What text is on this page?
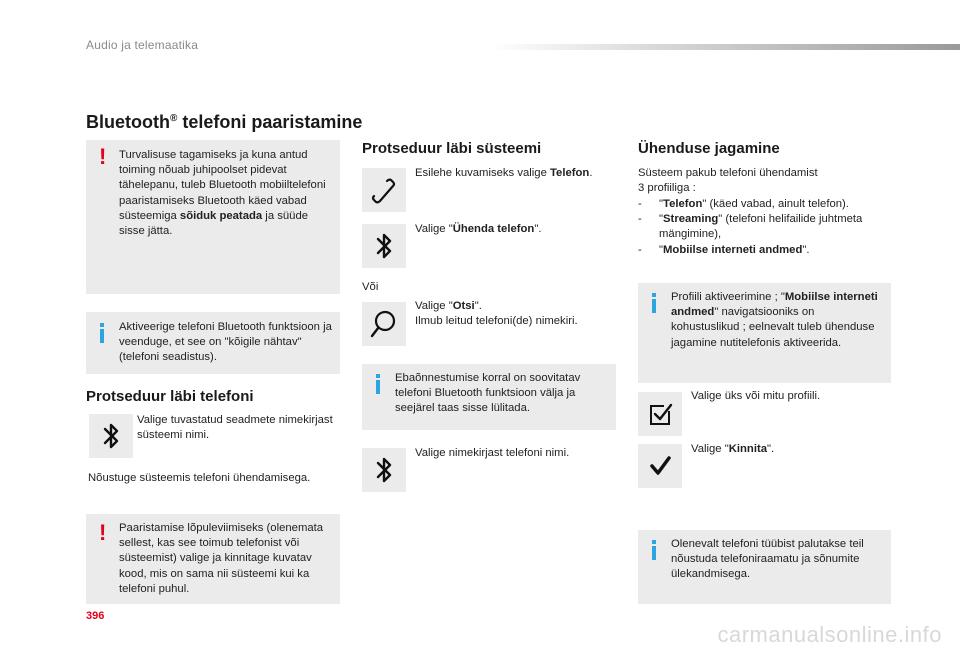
Audio ja telemaatika
Bluetooth® telefoni paaristamine
! Turvalisuse tagamiseks ja kuna antud toiming nõuab juhipoolset pidevat tähelepanu, tuleb Bluetooth mobiiltelefoni paaristamiseks Bluetooth käed vabad süsteemiga sõiduk peatada ja süüde sisse jätta.
Aktiveerige telefoni Bluetooth funktsioon ja veenduge, et see on "kõigile nähtav" (telefoni seadistus).
Protseduur läbi telefoni
Valige tuvastatud seadmete nimekirjast süsteemi nimi.
Nõustuge süsteemis telefoni ühendamisega.
! Paaristamise lõpuleviimiseks (olenemata sellest, kas see toimub telefonist või süsteemist) valige ja kinnitage kuvatav kood, mis on sama nii süsteemi kui ka telefoni puhul.
Protseduur läbi süsteemi
Esilehe kuvamiseks valige Telefon.
Valige "Ühenda telefon".
Või
Valige "Otsi".
Ilmub leitud telefoni(de) nimekiri.
Ebaõnnestumise korral on soovitatav telefoni Bluetooth funktsioon välja ja seejärel taas sisse lülitada.
Valige nimekirjast telefoni nimi.
Ühenduse jagamine
Süsteem pakub telefoni ühendamist
3 profiiliga :
- "Telefon" (käed vabad, ainult telefon).
- "Streaming" (telefoni helifailide juhtmeta mängimine),
- "Mobiilse interneti andmed".
Profiili aktiveerimine ; "Mobiilse interneti andmed" navigatsiooniks on kohustuslikud ; eelnevalt tuleb ühenduse jagamine nutitelefonis aktiveerida.
Valige üks või mitu profiili.
Valige "Kinnita".
Olenevalt telefoni tüübist palutakse teil nõustuda telefoniraamatu ja sõnumite ülekandmisega.
396
carmanualsonline.info
